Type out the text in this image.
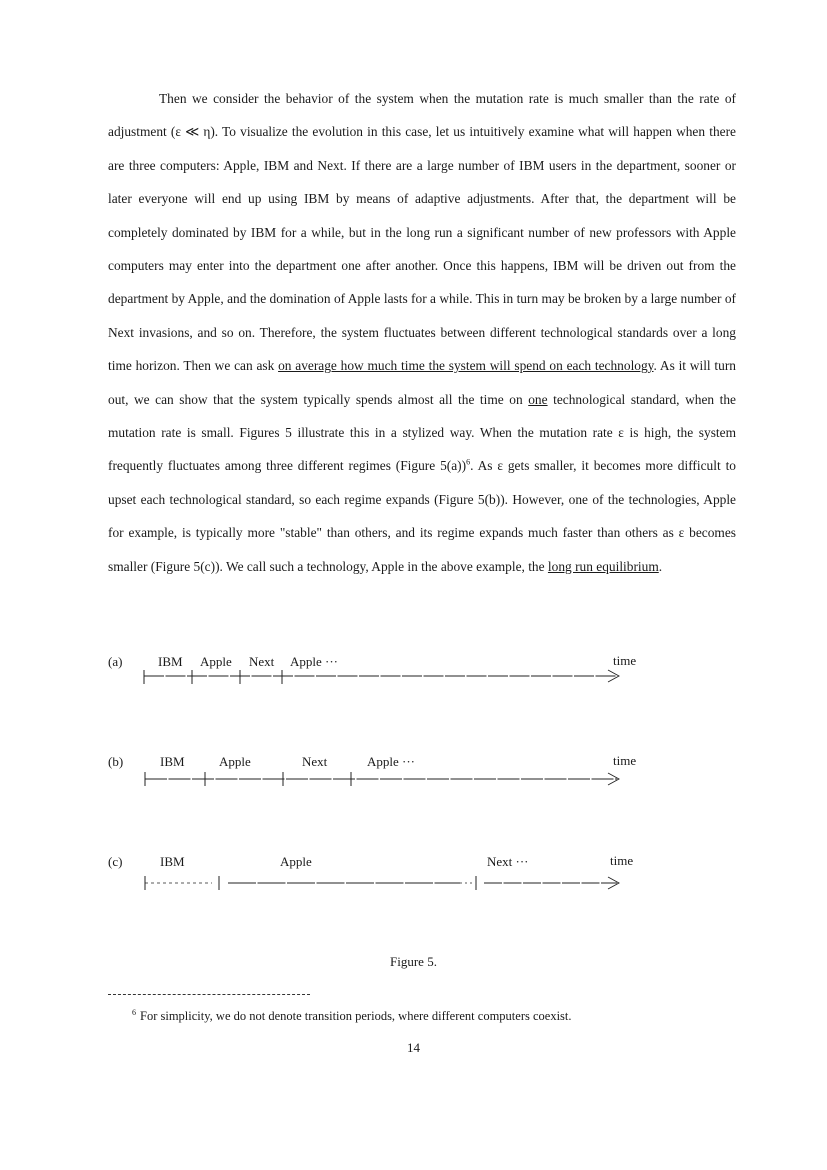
Then we consider the behavior of the system when the mutation rate is much smaller than the rate of adjustment (ε ≪ η). To visualize the evolution in this case, let us intuitively examine what will happen when there are three computers: Apple, IBM and Next. If there are a large number of IBM users in the department, sooner or later everyone will end up using IBM by means of adaptive adjustments. After that, the department will be completely dominated by IBM for a while, but in the long run a significant number of new professors with Apple computers may enter into the department one after another. Once this happens, IBM will be driven out from the department by Apple, and the domination of Apple lasts for a while. This in turn may be broken by a large number of Next invasions, and so on. Therefore, the system fluctuates between different technological standards over a long time horizon. Then we can ask on average how much time the system will spend on each technology. As it will turn out, we can show that the system typically spends almost all the time on one technological standard, when the mutation rate is small. Figures 5 illustrate this in a stylized way. When the mutation rate ε is high, the system frequently fluctuates among three different regimes (Figure 5(a))$^6$. As ε gets smaller, it becomes more difficult to upset each technological standard, so each regime expands (Figure 5(b)). However, one of the technologies, Apple for example, is typically more "stable" than others, and its regime expands much faster than others as ε becomes smaller (Figure 5(c)). We call such a technology, Apple in the above example, the long run equilibrium.
(a)	IBM Apple Next Apple ···	time
(b)	IBM	Apple	Next	Apple ···	time
(c)	IBM	Apple	Next ···	time
Figure 5.
$^6$ For simplicity, we do not denote transition periods, where different computers coexist.
14
